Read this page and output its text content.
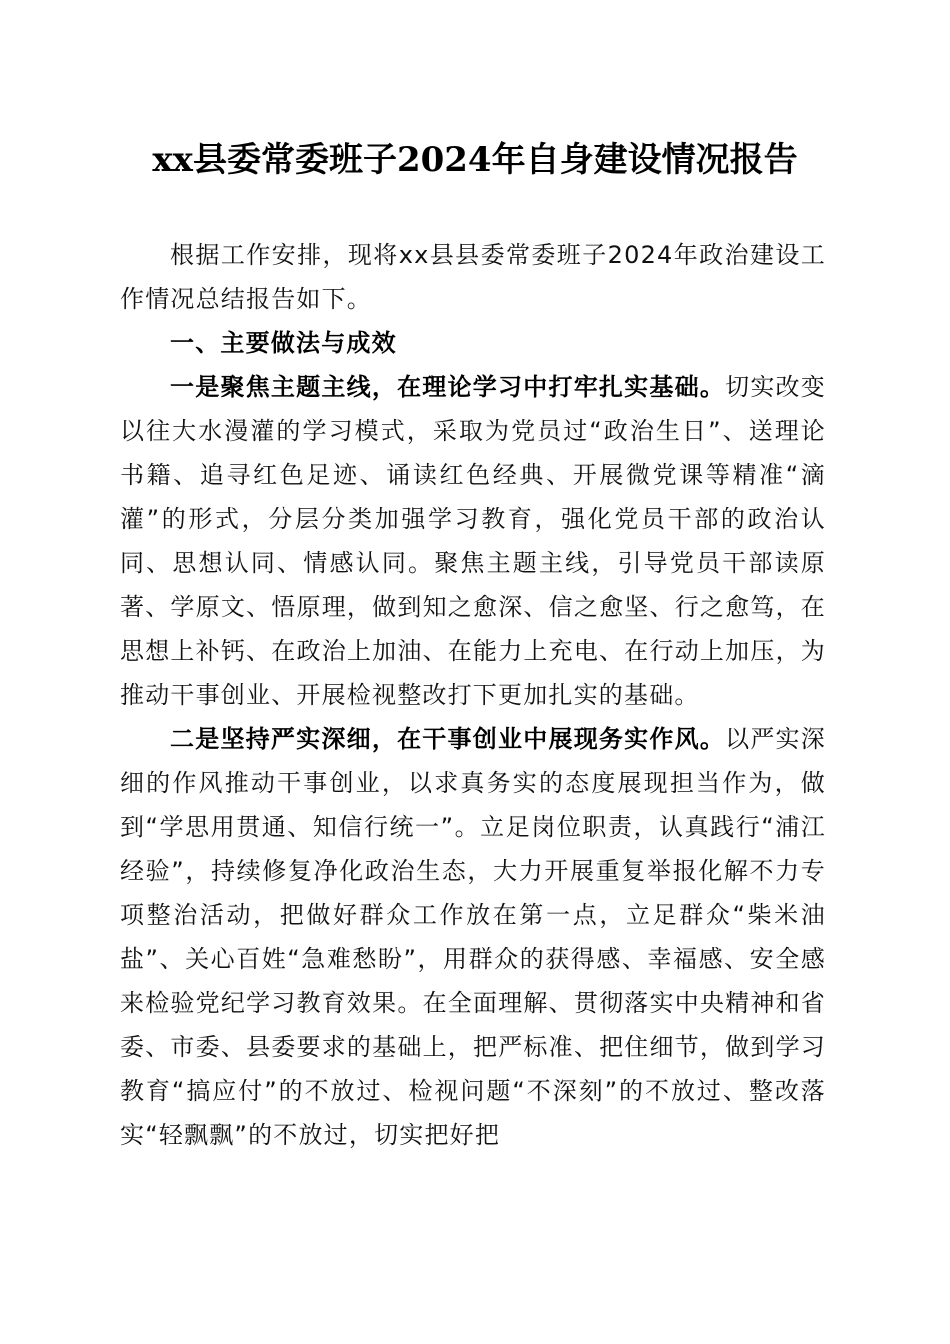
xx县委常委班子2024年自身建设情况报告

根据工作安排，现将xx县县委常委班子2024年政治建设工作情况总结报告如下。

一、主要做法与成效

一是聚焦主题主线，在理论学习中打牢扎实基础。切实改变以往大水漫灌的学习模式，采取为党员过“政治生日”、送理论书籍、追寻红色足迹、诵读红色经典、开展微党课等精准“滴灌”的形式，分层分类加强学习教育，强化党员干部的政治认同、思想认同、情感认同。聚焦主题主线，引导党员干部读原著、学原文、悟原理，做到知之愈深、信之愈坚、行之愈笃，在思想上补钙、在政治上加油、在能力上充电、在行动上加压，为推动干事创业、开展检视整改打下更加扎实的基础。

二是坚持严实深细，在干事创业中展现务实作风。以严实深细的作风推动干事创业，以求真务实的态度展现担当作为，做到“学思用贯通、知信行统一”。立足岗位职责，认真践行“浦江经验”，持续修复净化政治生态，大力开展重复举报化解不力专项整治活动，把做好群众工作放在第一点，立足群众“柴米油盐”、关心百姓“急难愁盼”，用群众的获得感、幸福感、安全感来检验党纪学习教育效果。在全面理解、贯彻落实中央精神和省委、市委、县委要求的基础上，把严标准、把住细节，做到学习教育“搞应付”的不放过、检视问题“不深刻”的不放过、整改落实“轻飘飘”的不放过，切实把好把
